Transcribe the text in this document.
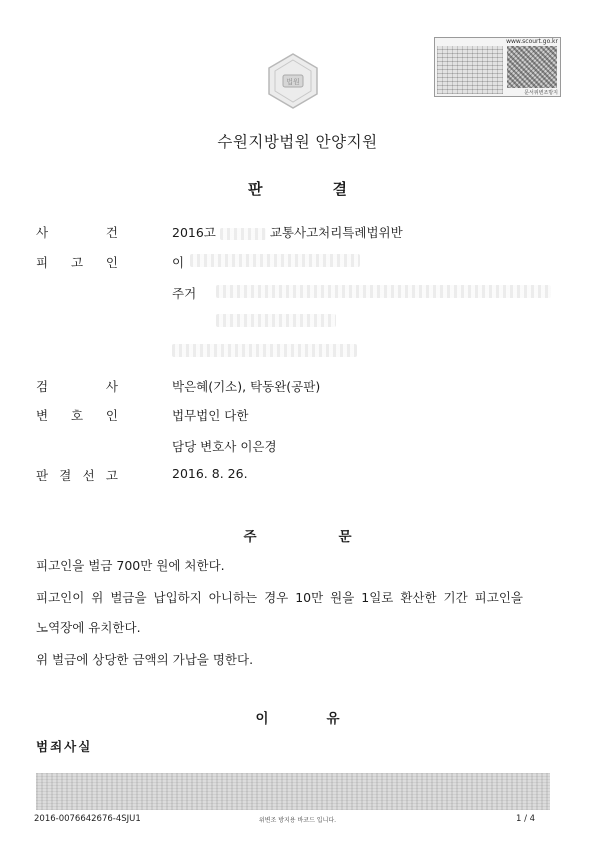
법원
www.scourt.go.kr
문서위변조방지
수원지방법원 안양지원
판	결
사	건	2016고	교통사고처리특례법위반
피 고 인	이
주거
검	사	박은혜(기소), 탁동완(공판)
변 호 인	법무법인 다한
담당 변호사 이은경
판 결 선 고	2016. 8. 26.
주	문
피고인을 벌금 700만 원에 처한다.
피고인이 위 벌금을 납입하지 아니하는 경우 10만 원을 1일로 환산한 기간 피고인을
노역장에 유치한다.
위 벌금에 상당한 금액의 가납을 명한다.
이	유
범죄사실
2016-0076642676-4SJU1	위변조 방지용 바코드 입니다.	1 / 4
